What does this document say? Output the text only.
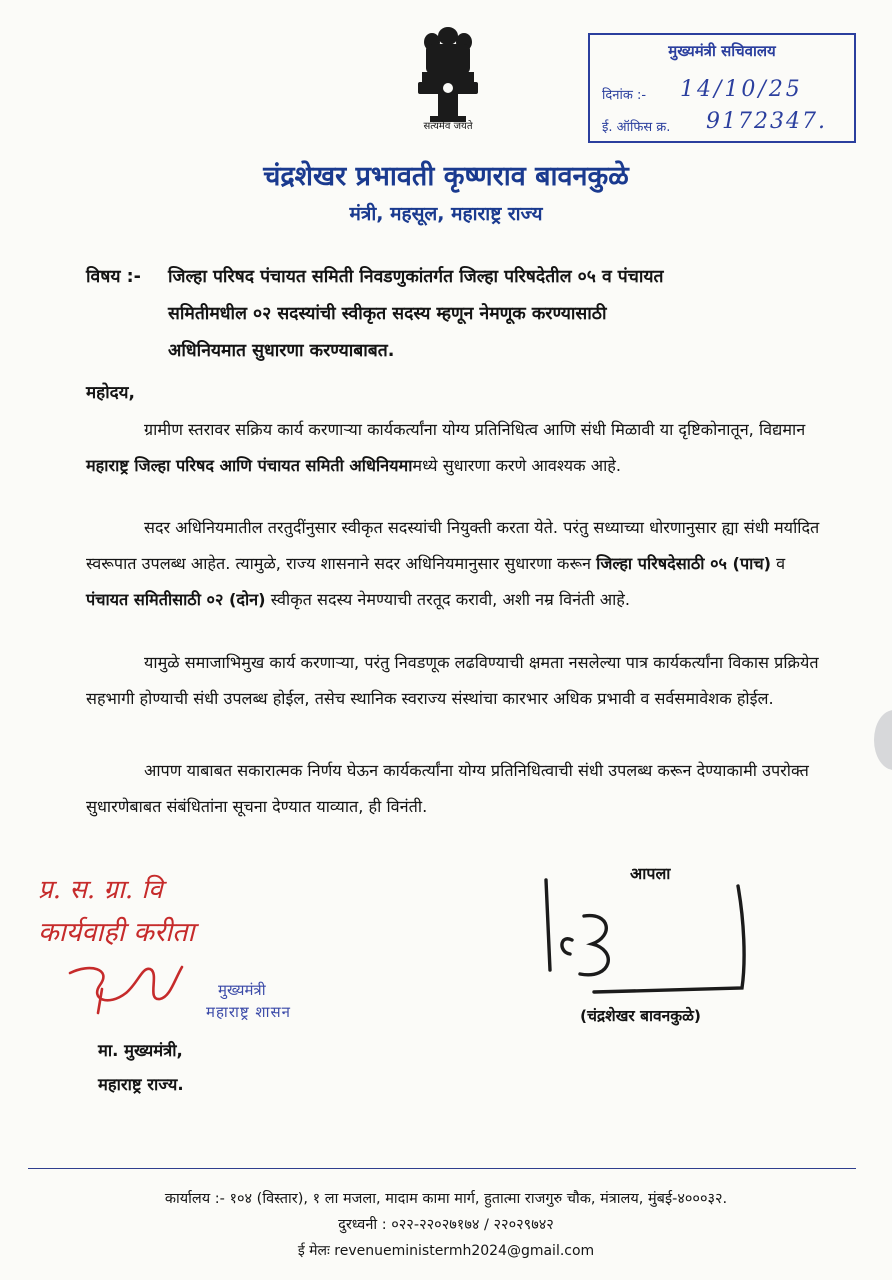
सत्यमेव जयते
मुख्यमंत्री सचिवालय
दिनांक :- 14/10/25
ई. ऑफिस क्र. 9172347.
चंद्रशेखर प्रभावती कृष्णराव बावनकुळे
मंत्री, महसूल, महाराष्ट्र राज्य
विषय :- जिल्हा परिषद पंचायत समिती निवडणुकांतर्गत जिल्हा परिषदेतील ०५ व पंचायत
समितीमधील ०२ सदस्यांची स्वीकृत सदस्य म्हणून नेमणूक करण्यासाठी
अधिनियमात सुधारणा करण्याबाबत.
महोदय,
ग्रामीण स्तरावर सक्रिय कार्य करणाऱ्या कार्यकर्त्यांना योग्य प्रतिनिधित्व आणि संधी मिळावी या दृष्टिकोनातून, विद्यमान महाराष्ट्र जिल्हा परिषद आणि पंचायत समिती अधिनियमामध्ये सुधारणा करणे आवश्यक आहे.
सदर अधिनियमातील तरतुदींनुसार स्वीकृत सदस्यांची नियुक्ती करता येते. परंतु सध्याच्या धोरणानुसार ह्या संधी मर्यादित स्वरूपात उपलब्ध आहेत. त्यामुळे, राज्य शासनाने सदर अधिनियमानुसार सुधारणा करून जिल्हा परिषदेसाठी ०५ (पाच) व पंचायत समितीसाठी ०२ (दोन) स्वीकृत सदस्य नेमण्याची तरतूद करावी, अशी नम्र विनंती आहे.
यामुळे समाजाभिमुख कार्य करणाऱ्या, परंतु निवडणूक लढविण्याची क्षमता नसलेल्या पात्र कार्यकर्त्यांना विकास प्रक्रियेत सहभागी होण्याची संधी उपलब्ध होईल, तसेच स्थानिक स्वराज्य संस्थांचा कारभार अधिक प्रभावी व सर्वसमावेशक होईल.
आपण याबाबत सकारात्मक निर्णय घेऊन कार्यकर्त्यांना योग्य प्रतिनिधित्वाची संधी उपलब्ध करून देण्याकामी उपरोक्त सुधारणेबाबत संबंधितांना सूचना देण्यात याव्यात, ही विनंती.
आपला
(चंद्रशेखर बावनकुळे)
प्र. स. ग्रा. वि
कार्यवाही करीता
मुख्यमंत्री
महाराष्ट्र शासन
मा. मुख्यमंत्री,
महाराष्ट्र राज्य.
कार्यालय :- १०४ (विस्तार), १ ला मजला, मादाम कामा मार्ग, हुतात्मा राजगुरु चौक, मंत्रालय, मुंबई-४०००३२.
दुरध्वनी : ०२२-२२०२७१७४ / २२०२९७४२
ई मेलः revenueministermh2024@gmail.com
